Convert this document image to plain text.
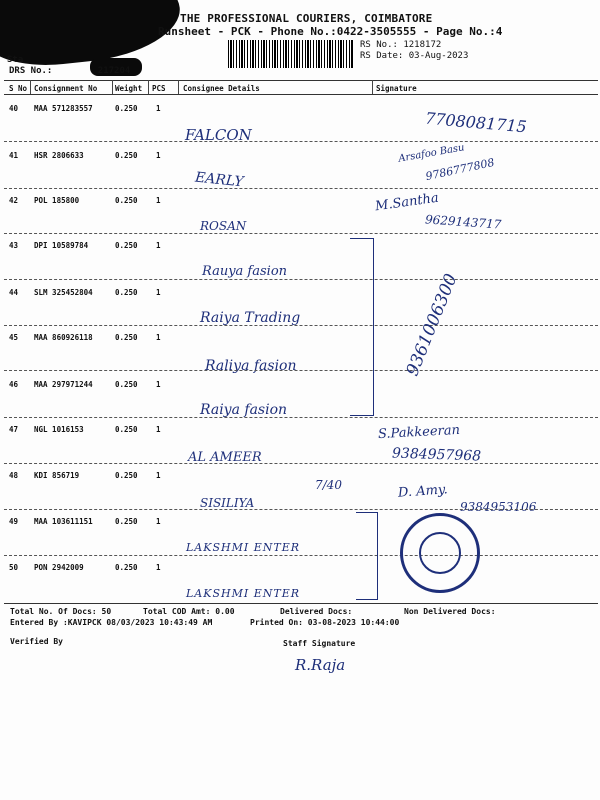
THE PROFESSIONAL COURIERS, COIMBATORE
Runsheet - PCK - Phone No.:0422-3505555 - Page No.:4
RS No.: 1218172
RS Date: 03-Aug-2023
Sta
DRS No.:	217204
S No Consignment No Weight PCS Consignee Details	Signature
40 MAA 571283557	0.250 1
FALCON	7708081715
41 HSR 2806633	0.250 1
EARLY
Arsafoo Basu
9786777808
42 POL 185800	0.250 1
ROSAN
M.Santha
9629143717
43 DPI 10589784	0.250 1
Rauya fasion
44 SLM 325452804	0.250 1
Raiya Trading
45 MAA 860926118	0.250 1
Raliya fasion
46 MAA 297971244	0.250 1
Raiya fasion
9361006300
47 NGL 1016153	0.250 1
AL AMEER
S.Pakkeeran
9384957968
48 KDI 856719	0.250 1
SISILIYA
7/40	D. Amy.
9384953106
49 MAA 103611151	0.250 1
LAKSHMI ENTER
50 PON 2942009	0.250 1
LAKSHMI ENTER
Total No. Of Docs: 50	Total COD Amt: 0.00	Delivered Docs:	Non Delivered Docs:
Entered By :KAVIPCK 08/03/2023 10:43:49 AM	Printed On: 03-08-2023 10:44:00
Verified By	Staff Signature
R.Raja
